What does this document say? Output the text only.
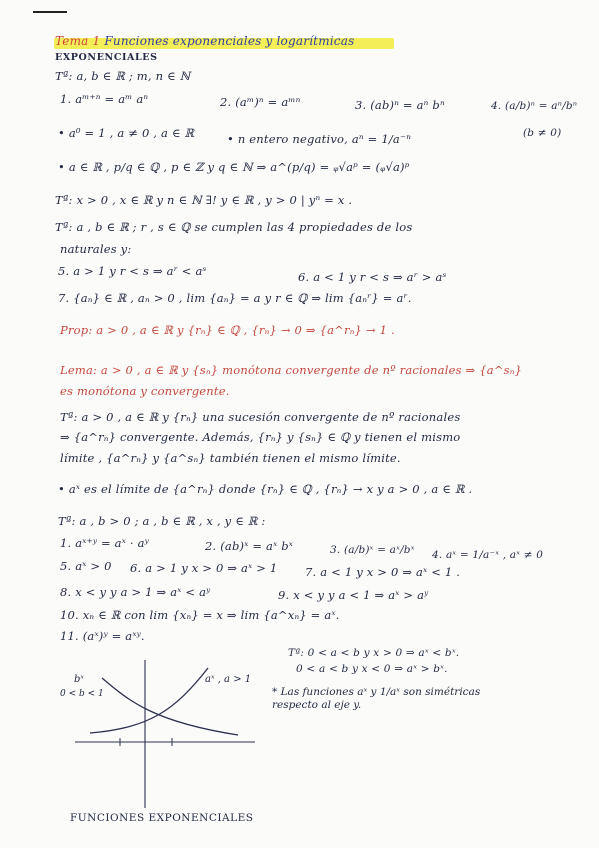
Tema 1 Funciones exponenciales y logarítmicas
EXPONENCIALES
Tª: a, b ∈ ℝ ; m, n ∈ ℕ
1. aᵐ⁺ⁿ = aᵐ aⁿ	2. (aᵐ)ⁿ = aᵐⁿ	3. (ab)ⁿ = aⁿ bⁿ	4. (a/b)ⁿ = aⁿ/bⁿ
(b ≠ 0)
• a⁰ = 1 , a ≠ 0 , a ∈ ℝ	• n entero negativo, aⁿ = 1/a⁻ⁿ
• a ∈ ℝ , p/q ∈ ℚ , p ∈ ℤ y q ∈ ℕ ⇒ a^(p/q) = ᵩ√aᵖ = (ᵩ√a)ᵖ
Tª: x > 0 , x ∈ ℝ y n ∈ ℕ ∃! y ∈ ℝ , y > 0 | yⁿ = x .
Tª: a , b ∈ ℝ ; r , s ∈ ℚ se cumplen las 4 propiedades de los
naturales y:
5. a > 1 y r < s ⇒ aʳ < aˢ	6. a < 1 y r < s ⇒ aʳ > aˢ
7. {aₙ} ∈ ℝ , aₙ > 0 , lim {aₙ} = a y r ∈ ℚ ⇒ lim {aₙʳ} = aʳ.
Prop: a > 0 , a ∈ ℝ y {rₙ} ∈ ℚ , {rₙ} → 0 ⇒ {a^rₙ} → 1 .
Lema: a > 0 , a ∈ ℝ y {sₙ} monótona convergente de nº racionales ⇒ {a^sₙ}
es monótona y convergente.
Tª: a > 0 , a ∈ ℝ y {rₙ} una sucesión convergente de nº racionales
⇒ {a^rₙ} convergente. Además, {rₙ} y {sₙ} ∈ ℚ y tienen el mismo
límite , {a^rₙ} y {a^sₙ} también tienen el mismo límite.
• aˣ es el límite de {a^rₙ} donde {rₙ} ∈ ℚ , {rₙ} → x y a > 0 , a ∈ ℝ .
Tª: a , b > 0 ; a , b ∈ ℝ , x , y ∈ ℝ :
1. aˣ⁺ʸ = aˣ · aʸ	2. (ab)ˣ = aˣ bˣ	3. (a/b)ˣ = aˣ/bˣ 4. aˣ = 1/a⁻ˣ , aˣ ≠ 0
5. aˣ > 0 6. a > 1 y x > 0 ⇒ aˣ > 1 7. a < 1 y x > 0 ⇒ aˣ < 1 .
8. x < y y a > 1 ⇒ aˣ < aʸ	9. x < y y a < 1 ⇒ aˣ > aʸ
10. xₙ ∈ ℝ con lim {xₙ} = x ⇒ lim {a^xₙ} = aˣ.
11. (aˣ)ʸ = aˣʸ.
Tª: 0 < a < b y x > 0 ⇒ aˣ < bˣ.
0 < a < b y x < 0 ⇒ aˣ > bˣ.
* Las funciones aˣ y 1/aˣ son simétricas
respecto al eje y.
bˣ
0 < b < 1
aˣ , a > 1
FUNCIONES EXPONENCIALES
